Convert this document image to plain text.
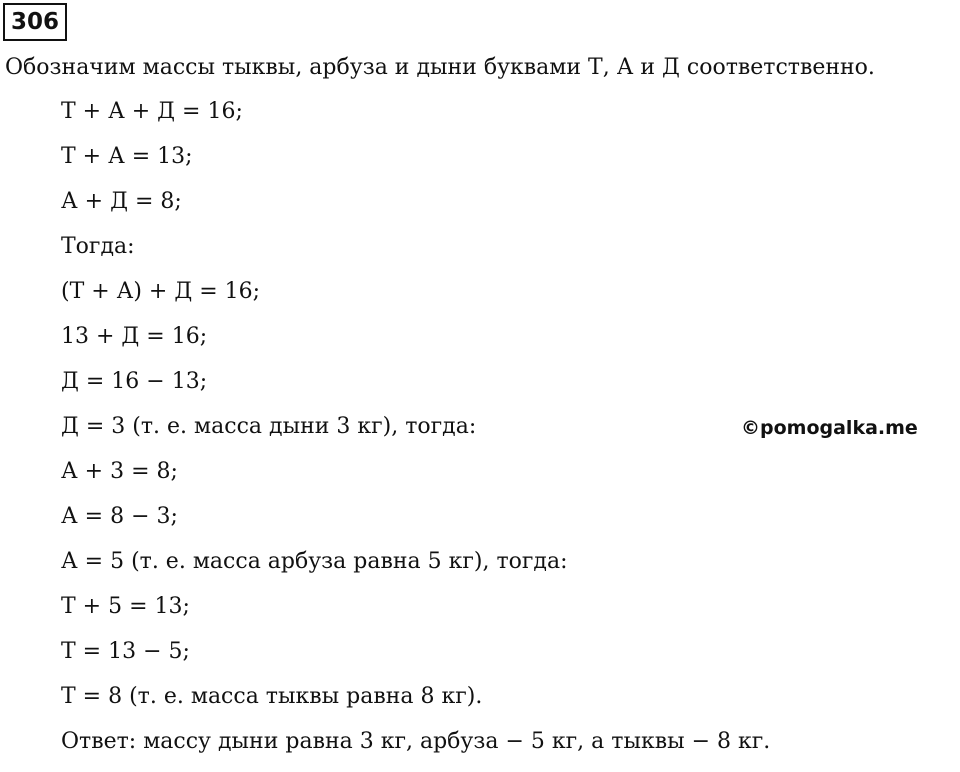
306
Обозначим массы тыквы, арбуза и дыни буквами Т, А и Д соответственно.
Т + А + Д = 16;
Т + А = 13;
А + Д = 8;
Тогда:
(Т + А) + Д = 16;
13 + Д = 16;
Д = 16 − 13;
Д = 3 (т. е. масса дыни 3 кг), тогда:
А + 3 = 8;
А = 8 − 3;
А = 5 (т. е. масса арбуза равна 5 кг), тогда:
Т + 5 = 13;
Т = 13 − 5;
Т = 8 (т. е. масса тыквы равна 8 кг).
Ответ: массу дыни равна 3 кг, арбуза − 5 кг, а тыквы − 8 кг.
©pomogalka.me
